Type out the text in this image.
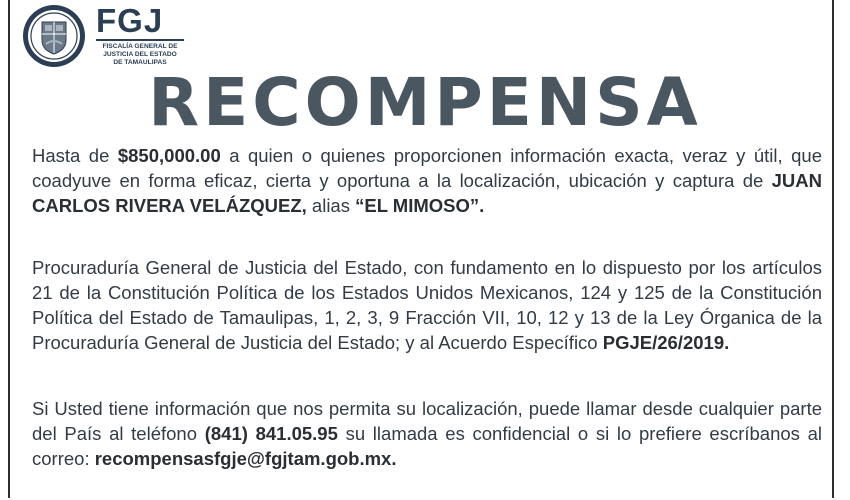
FGJ
FISCALÍA GENERAL DE
JUSTICIA DEL ESTADO
DE TAMAULIPAS
RECOMPENSA
Hasta de $850,000.00 a quien o quienes proporcionen información exacta, veraz y útil, que coadyuve en forma eficaz, cierta y oportuna a la localización, ubicación y captura de JUAN CARLOS RIVERA VELÁZQUEZ, alias “EL MIMOSO”.
Procuraduría General de Justicia del Estado, con fundamento en lo dispuesto por los artículos 21 de la Constitución Política de los Estados Unidos Mexicanos, 124 y 125 de la Constitución Política del Estado de Tamaulipas, 1, 2, 3, 9 Fracción VII, 10, 12 y 13 de la Ley Órganica de la Procuraduría General de Justicia del Estado; y al Acuerdo Específico PGJE/26/2019.
Si Usted tiene información que nos permita su localización, puede llamar desde cualquier parte del País al teléfono (841) 841.05.95 su llamada es confidencial o si lo prefiere escríbanos al correo: recompensasfgje@fgjtam.gob.mx.
